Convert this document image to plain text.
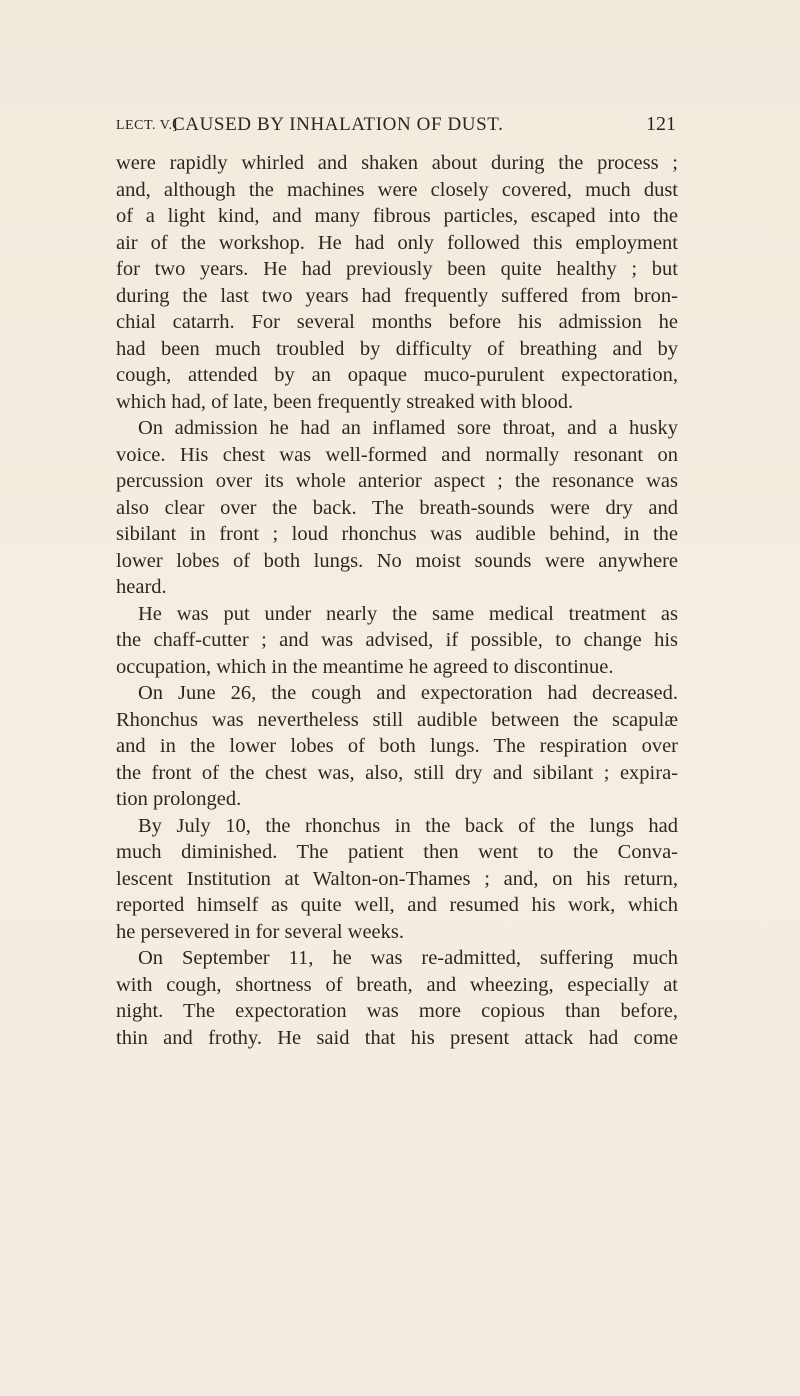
LECT. V.]
CAUSED BY INHALATION OF DUST.	121
were rapidly whirled and shaken about during the process ;
and, although the machines were closely covered, much dust
of a light kind, and many fibrous particles, escaped into the
air of the workshop. He had only followed this employment
for two years. He had previously been quite healthy ; but
during the last two years had frequently suffered from bron-
chial catarrh. For several months before his admission he
had been much troubled by difficulty of breathing and by
cough, attended by an opaque muco-purulent expectoration,
which had, of late, been frequently streaked with blood.
On admission he had an inflamed sore throat, and a husky
voice. His chest was well-formed and normally resonant on
percussion over its whole anterior aspect ; the resonance was
also clear over the back. The breath-sounds were dry and
sibilant in front ; loud rhonchus was audible behind, in the
lower lobes of both lungs. No moist sounds were anywhere
heard.
He was put under nearly the same medical treatment as
the chaff-cutter ; and was advised, if possible, to change his
occupation, which in the meantime he agreed to discontinue.
On June 26, the cough and expectoration had decreased.
Rhonchus was nevertheless still audible between the scapulæ
and in the lower lobes of both lungs. The respiration over
the front of the chest was, also, still dry and sibilant ; expira-
tion prolonged.
By July 10, the rhonchus in the back of the lungs had
much diminished. The patient then went to the Conva-
lescent Institution at Walton-on-Thames ; and, on his return,
reported himself as quite well, and resumed his work, which
he persevered in for several weeks.
On September 11, he was re-admitted, suffering much
with cough, shortness of breath, and wheezing, especially at
night. The expectoration was more copious than before,
thin and frothy. He said that his present attack had come
